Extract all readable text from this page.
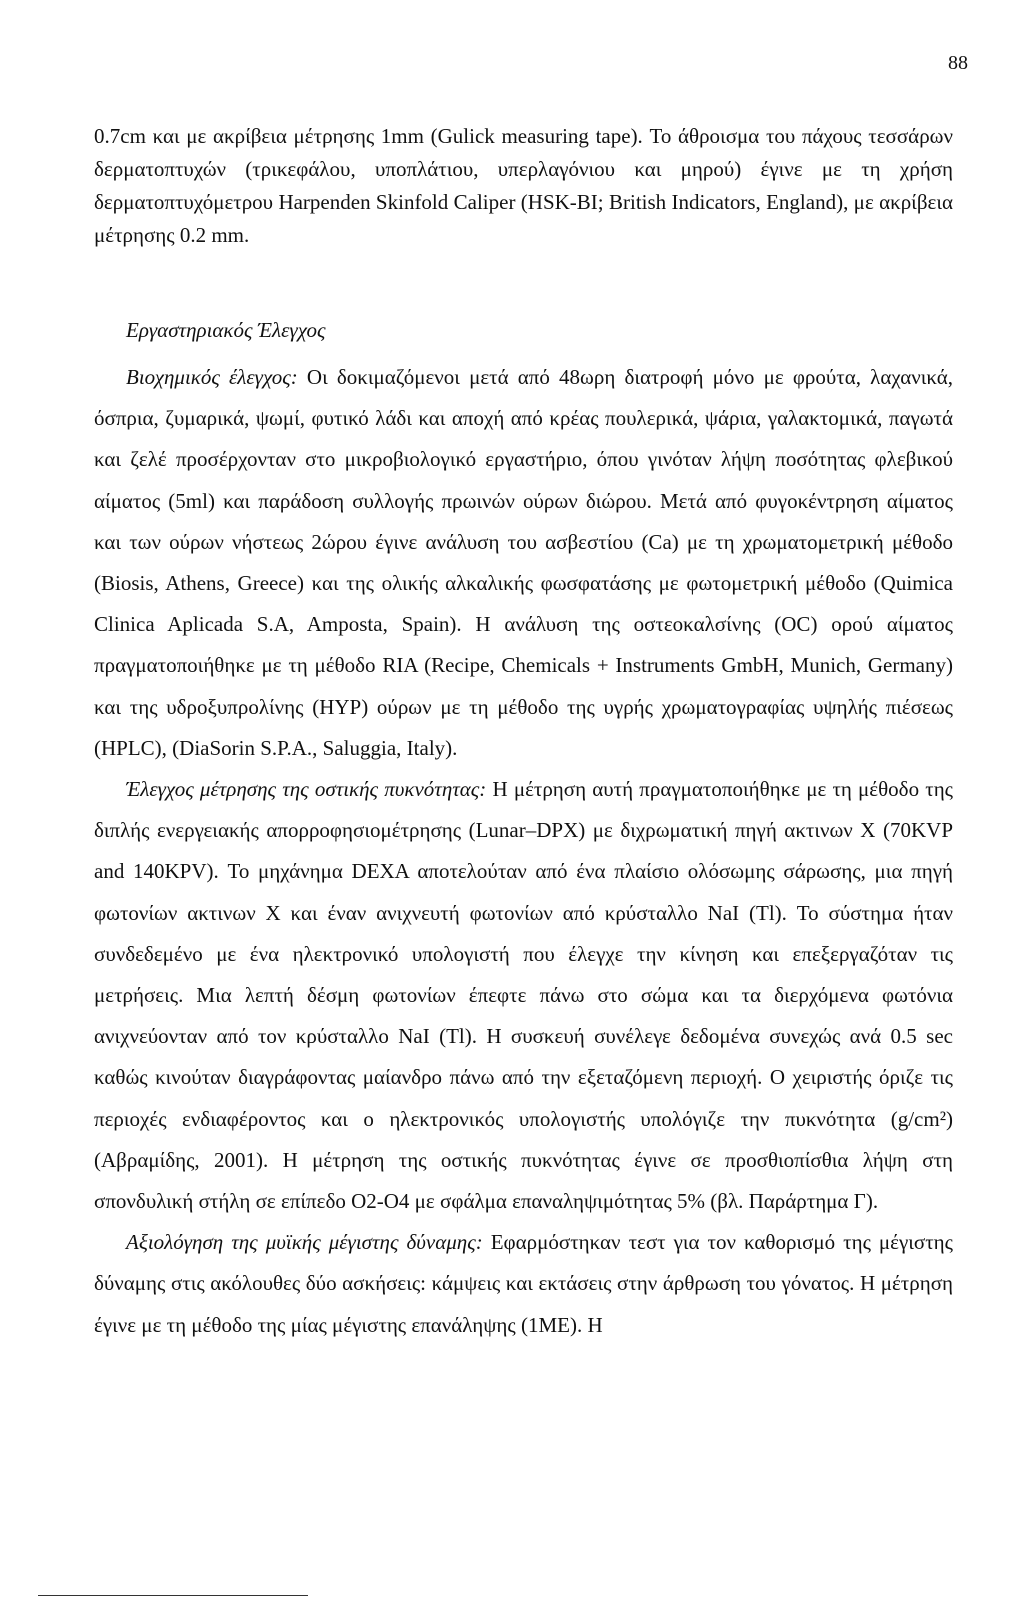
88

0.7cm και με ακρίβεια μέτρησης 1mm (Gulick measuring tape). Το άθροισμα του πάχους τεσσάρων δερματοπτυχών (τρικεφάλου, υποπλάτιου, υπερλαγόνιου και μηρού) έγινε με τη χρήση δερματοπτυχόμετρου Harpenden Skinfold Caliper (HSK-BI; British Indicators, England), με ακρίβεια μέτρησης 0.2 mm.

Εργαστηριακός Έλεγχος

Βιοχημικός έλεγχος: Οι δοκιμαζόμενοι μετά από 48ωρη διατροφή μόνο με φρούτα, λαχανικά, όσπρια, ζυμαρικά, ψωμί, φυτικό λάδι και αποχή από κρέας πουλερικά, ψάρια, γαλακτομικά, παγωτά και ζελέ προσέρχονταν στο μικροβιολογικό εργαστήριο, όπου γινόταν λήψη ποσότητας φλεβικού αίματος (5ml) και παράδοση συλλογής πρωινών ούρων διώρου. Μετά από φυγοκέντρηση αίματος και των ούρων νήστεως 2ώρου έγινε ανάλυση του ασβεστίου (Ca) με τη χρωματομετρική μέθοδο (Biosis, Athens, Greece) και της ολικής αλκαλικής φωσφατάσης με φωτομετρική μέθοδο (Quimica Clinica Aplicada S.A, Amposta, Spain). Η ανάλυση της οστεοκαλσίνης (OC) ορού αίματος πραγματοποιήθηκε με τη μέθοδο RIA (Recipe, Chemicals + Instruments GmbH, Munich, Germany) και της υδροξυπρολίνης (HYP) ούρων με τη μέθοδο της υγρής χρωματογραφίας υψηλής πιέσεως (HPLC), (DiaSorin S.P.A., Saluggia, Italy).

Έλεγχος μέτρησης της οστικής πυκνότητας: Η μέτρηση αυτή πραγματοποιήθηκε με τη μέθοδο της διπλής ενεργειακής απορροφησιομέτρησης (Lunar–DPX) με διχρωματική πηγή ακτινων X (70KVP and 140KPV). Το μηχάνημα DEXA αποτελούταν από ένα πλαίσιο ολόσωμης σάρωσης, μια πηγή φωτονίων ακτινων X και έναν ανιχνευτή φωτονίων από κρύσταλλο NaI (Tl). Το σύστημα ήταν συνδεδεμένο με ένα ηλεκτρονικό υπολογιστή που έλεγχε την κίνηση και επεξεργαζόταν τις μετρήσεις. Μια λεπτή δέσμη φωτονίων έπεφτε πάνω στο σώμα και τα διερχόμενα φωτόνια ανιχνεύονταν από τον κρύσταλλο NaI (Tl). Η συσκευή συνέλεγε δεδομένα συνεχώς ανά 0.5 sec καθώς κινούταν διαγράφοντας μαίανδρο πάνω από την εξεταζόμενη περιοχή. Ο χειριστής όριζε τις περιοχές ενδιαφέροντος και ο ηλεκτρονικός υπολογιστής υπολόγιζε την πυκνότητα (g/cm²) (Αβραμίδης, 2001). Η μέτρηση της οστικής πυκνότητας έγινε σε προσθιοπίσθια λήψη στη σπονδυλική στήλη σε επίπεδο O2-O4 με σφάλμα επαναληψιμότητας 5% (βλ. Παράρτημα Γ).

Αξιολόγηση της μυϊκής μέγιστης δύναμης: Εφαρμόστηκαν τεστ για τον καθορισμό της μέγιστης δύναμης στις ακόλουθες δύο ασκήσεις: κάμψεις και εκτάσεις στην άρθρωση του γόνατος. Η μέτρηση έγινε με τη μέθοδο της μίας μέγιστης επανάληψης (1ME). Η
